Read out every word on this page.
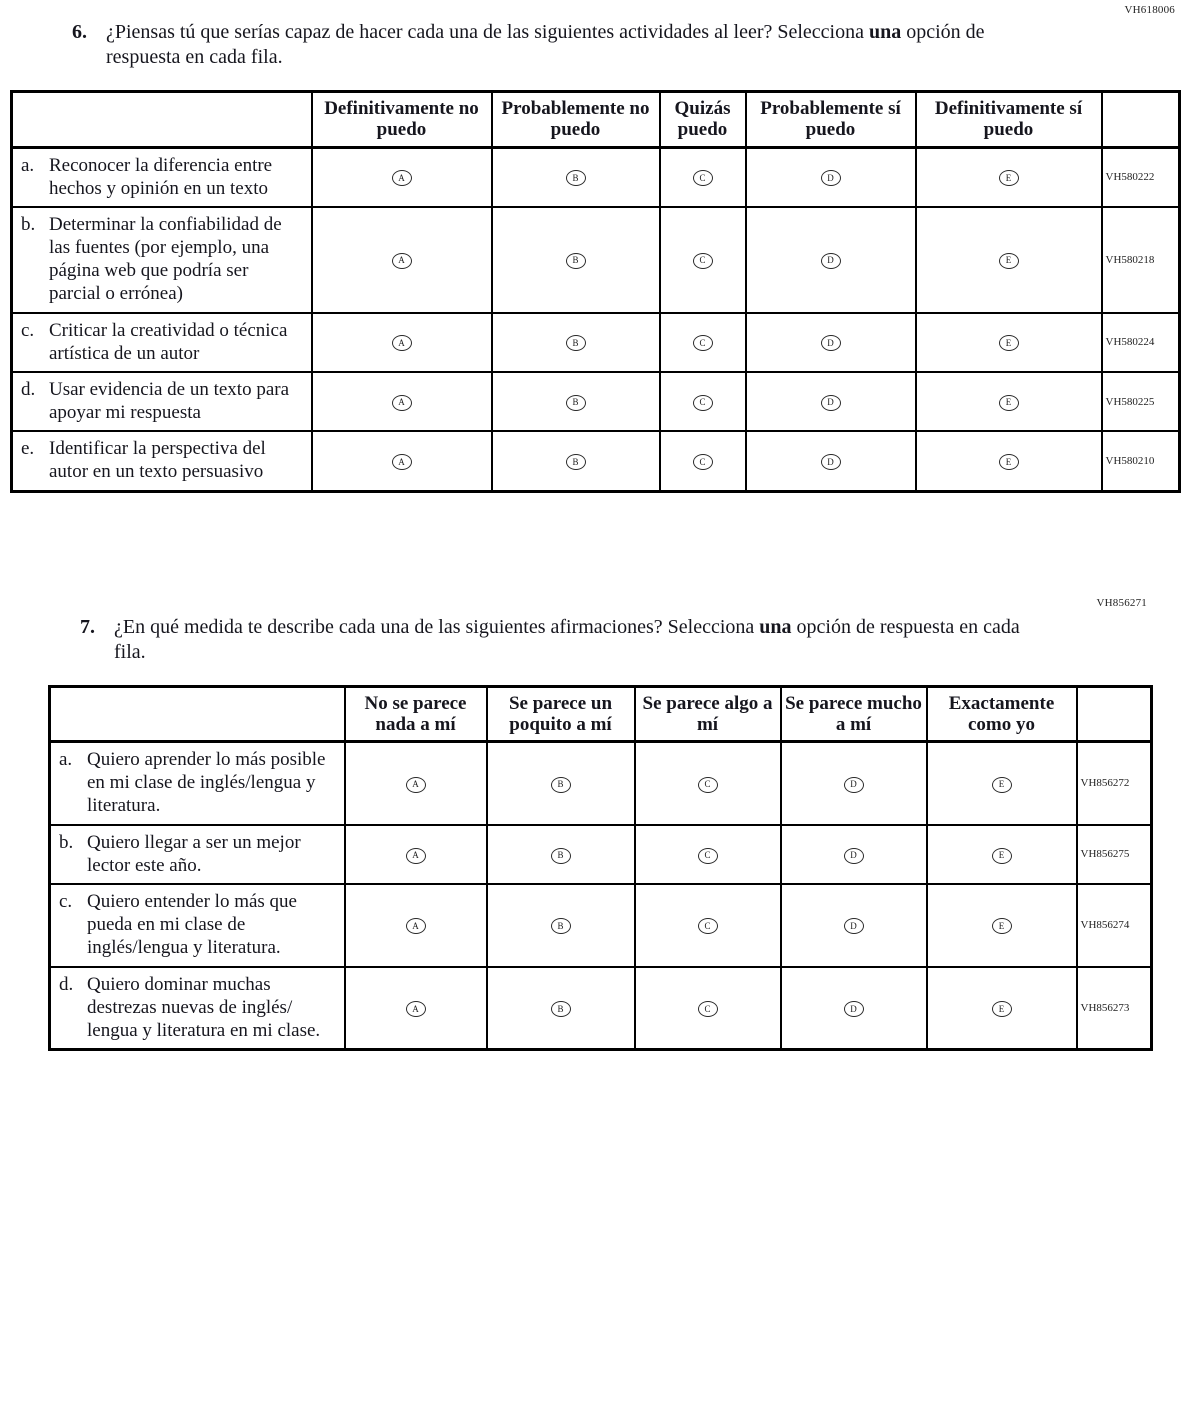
VH618006
6. ¿Piensas tú que serías capaz de hacer cada una de las siguientes actividades al leer? Selecciona una opción de respuesta en cada fila.
	Definitivamente no puedo	Probablemente no puedo	Quizás puedo	Probablemente sí puedo	Definitivamente sí puedo	

a. Reconocer la diferencia entre hechos y opinión en un texto	A	B	C	D	E	VH580222

b. Determinar la confiabilidad de las fuentes (por ejemplo, una página web que podría ser parcial o errónea)	A	B	C	D	E	VH580218

c. Criticar la creatividad o técnica artística de un autor	A	B	C	D	E	VH580224

d. Usar evidencia de un texto para apoyar mi respuesta	A	B	C	D	E	VH580225

e. Identificar la perspectiva del autor en un texto persuasivo	A	B	C	D	E	VH580210
VH856271
7. ¿En qué medida te describe cada una de las siguientes afirmaciones? Selecciona una opción de respuesta en cada fila.
	No se parece nada a mí	Se parece un poquito a mí	Se parece algo a mí	Se parece mucho a mí	Exactamente como yo	

a. Quiero aprender lo más posible en mi clase de inglés/lengua y literatura.	A	B	C	D	E	VH856272

b. Quiero llegar a ser un mejor lector este año.	A	B	C	D	E	VH856275

c. Quiero entender lo más que pueda en mi clase de inglés/lengua y literatura.	A	B	C	D	E	VH856274

d. Quiero dominar muchas destrezas nuevas de inglés/ lengua y literatura en mi clase.	A	B	C	D	E	VH856273
